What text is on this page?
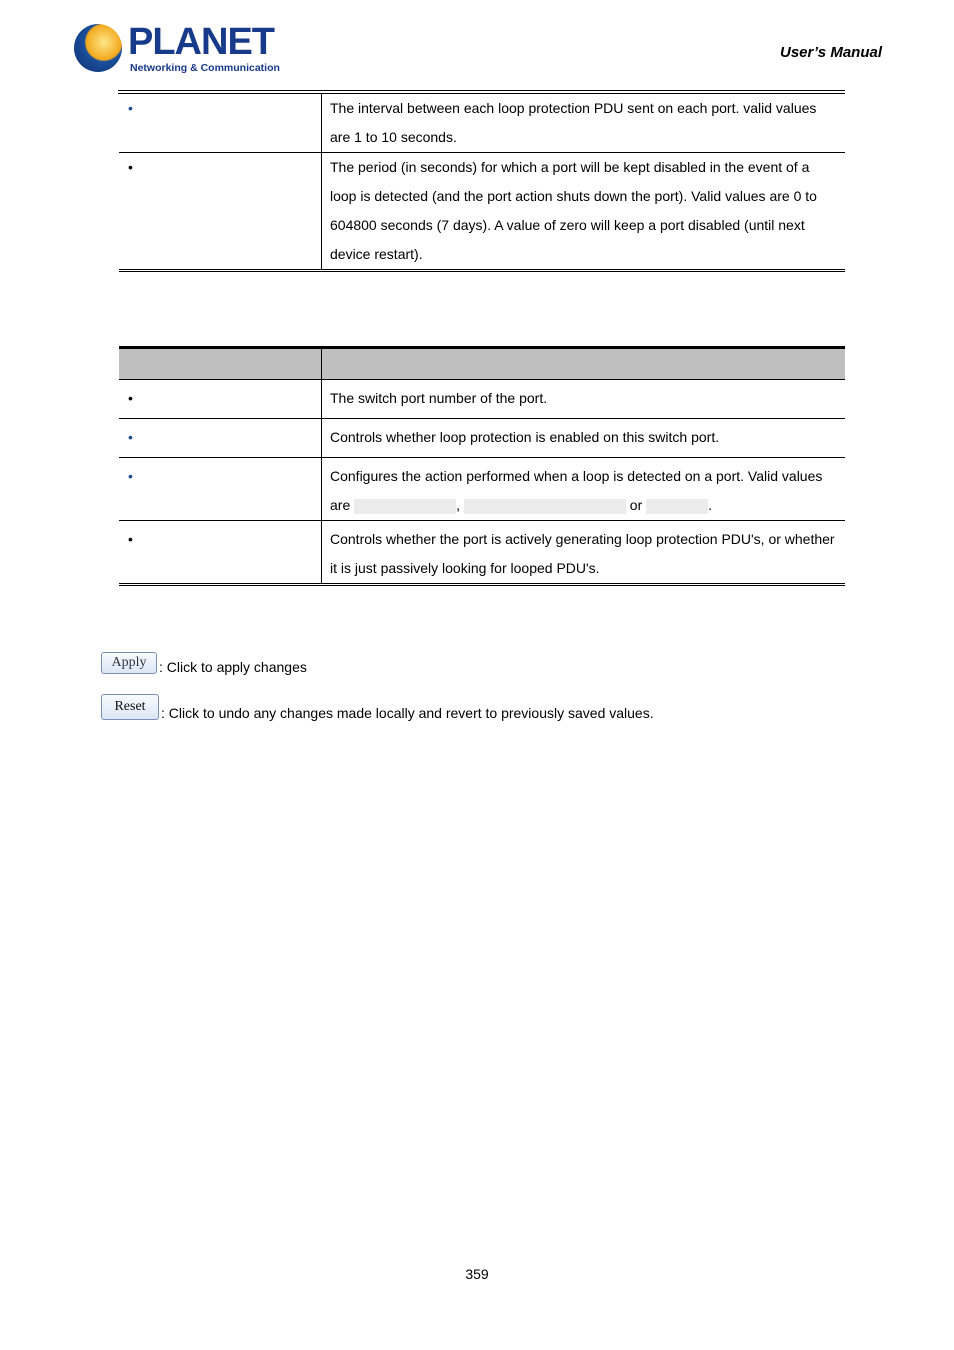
PLANET
Networking & Communication
User’s Manual
•	The interval between each loop protection PDU sent on each port. valid values are 1 to 10 seconds.
•	The period (in seconds) for which a port will be kept disabled in the event of a loop is detected (and the port action shuts down the port). Valid values are 0 to 604800 seconds (7 days). A value of zero will keep a port disabled (until next device restart).

•	The switch port number of the port.
•	Controls whether loop protection is enabled on this switch port.
•	Configures the action performed when a loop is detected on a port. Valid values are , or .
•	Controls whether the port is actively generating loop protection PDU's, or whether it is just passively looking for looped PDU's.
Apply : Click to apply changes
Reset : Click to undo any changes made locally and revert to previously saved values.
359
